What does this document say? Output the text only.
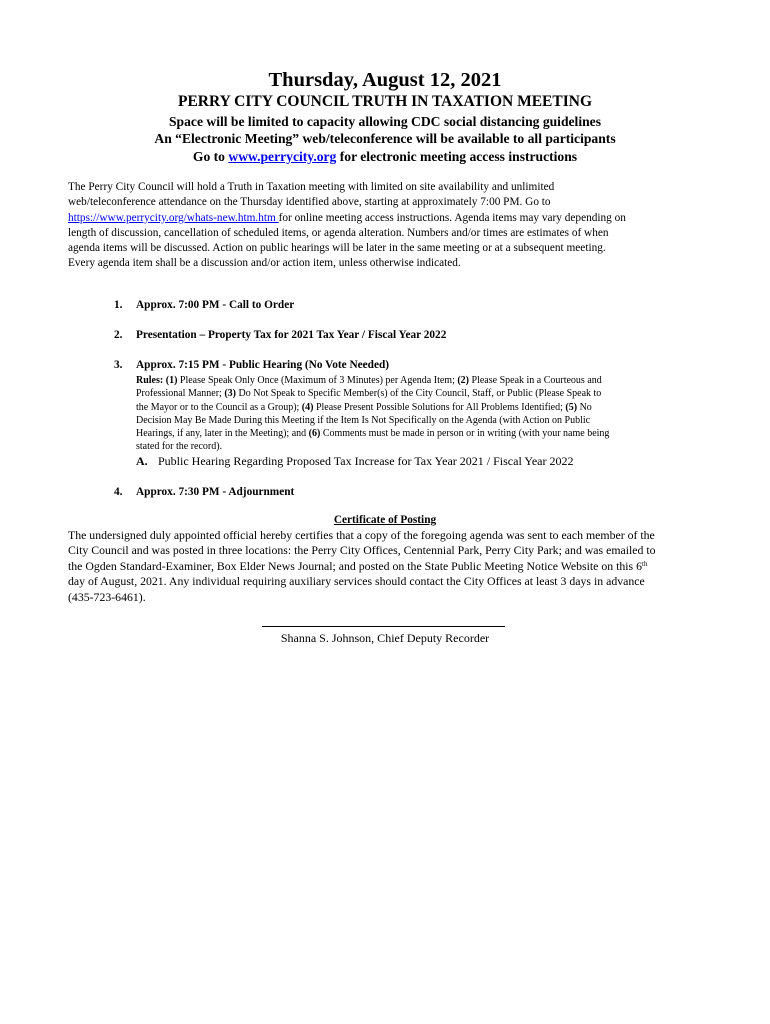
Thursday, August 12, 2021
PERRY CITY COUNCIL TRUTH IN TAXATION MEETING
Space will be limited to capacity allowing CDC social distancing guidelines
An “Electronic Meeting” web/teleconference will be available to all participants
Go to www.perrycity.org for electronic meeting access instructions
The Perry City Council will hold a Truth in Taxation meeting with limited on site availability and unlimited
web/teleconference attendance on the Thursday identified above, starting at approximately 7:00 PM. Go to
https://www.perrycity.org/whats-new.htm.htm for online meeting access instructions. Agenda items may vary depending on
length of discussion, cancellation of scheduled items, or agenda alteration. Numbers and/or times are estimates of when
agenda items will be discussed. Action on public hearings will be later in the same meeting or at a subsequent meeting.
Every agenda item shall be a discussion and/or action item, unless otherwise indicated.
1. Approx. 7:00 PM - Call to Order
2. Presentation – Property Tax for 2021 Tax Year / Fiscal Year 2022
3. Approx. 7:15 PM - Public Hearing (No Vote Needed)
Rules: (1) Please Speak Only Once (Maximum of 3 Minutes) per Agenda Item; (2) Please Speak in a Courteous and
Professional Manner; (3) Do Not Speak to Specific Member(s) of the City Council, Staff, or Public (Please Speak to
the Mayor or to the Council as a Group); (4) Please Present Possible Solutions for All Problems Identified; (5) No
Decision May Be Made During this Meeting if the Item Is Not Specifically on the Agenda (with Action on Public
Hearings, if any, later in the Meeting); and (6) Comments must be made in person or in writing (with your name being
stated for the record).
A. Public Hearing Regarding Proposed Tax Increase for Tax Year 2021 / Fiscal Year 2022
4. Approx. 7:30 PM - Adjournment
Certificate of Posting
The undersigned duly appointed official hereby certifies that a copy of the foregoing agenda was sent to each member of the
City Council and was posted in three locations: the Perry City Offices, Centennial Park, Perry City Park; and was emailed to
the Ogden Standard-Examiner, Box Elder News Journal; and posted on the State Public Meeting Notice Website on this 6th
day of August, 2021. Any individual requiring auxiliary services should contact the City Offices at least 3 days in advance
(435-723-6461).
Shanna S. Johnson, Chief Deputy Recorder
